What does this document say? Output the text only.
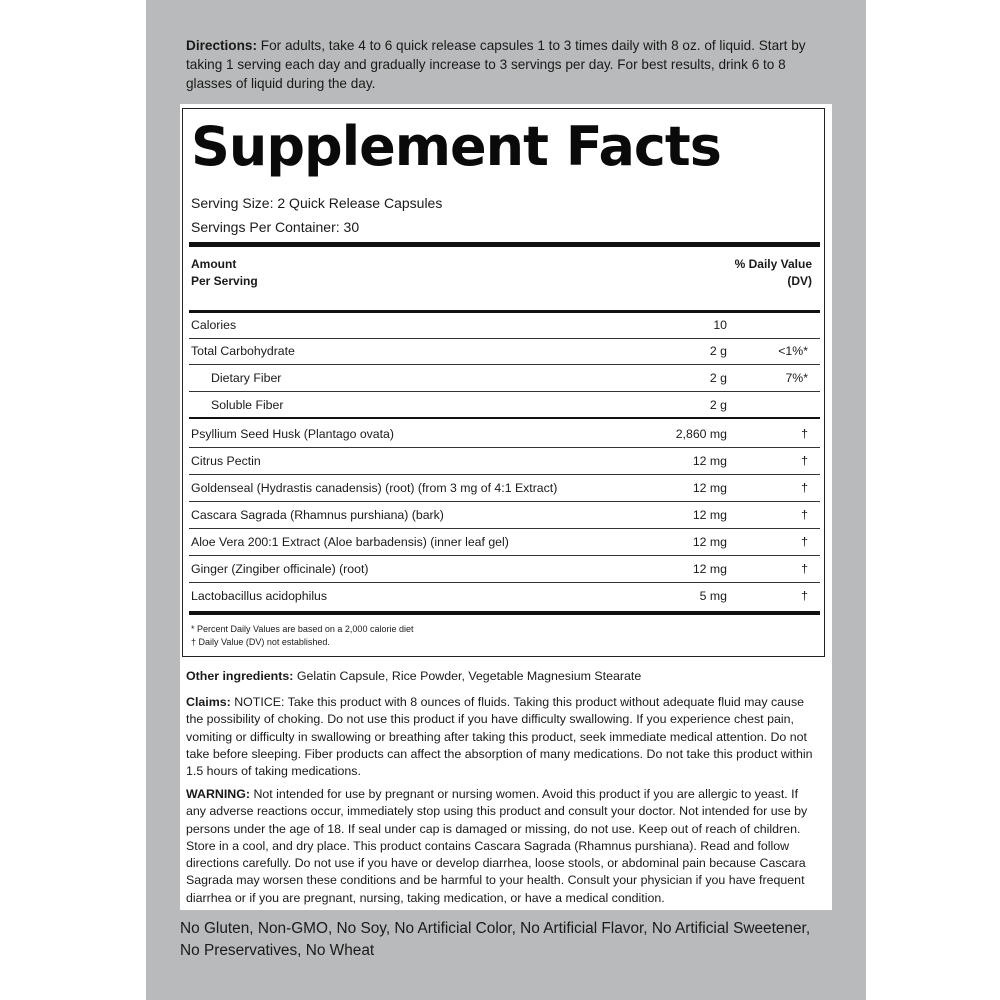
Directions: For adults, take 4 to 6 quick release capsules 1 to 3 times daily with 8 oz. of liquid. Start by taking 1 serving each day and gradually increase to 3 servings per day. For best results, drink 6 to 8 glasses of liquid during the day.
Supplement Facts
Serving Size: 2 Quick Release Capsules
Servings Per Container: 30
Amount
Per Serving
% Daily Value (DV)
Calories	10
Total Carbohydrate	2 g	<1%*
Dietary Fiber	2 g	7%*
Soluble Fiber	2 g
Psyllium Seed Husk (Plantago ovata)	2,860 mg	†
Citrus Pectin	12 mg	†
Goldenseal (Hydrastis canadensis) (root) (from 3 mg of 4:1 Extract)	12 mg	†
Cascara Sagrada (Rhamnus purshiana) (bark)	12 mg	†
Aloe Vera 200:1 Extract (Aloe barbadensis) (inner leaf gel)	12 mg	†
Ginger (Zingiber officinale) (root)	12 mg	†
Lactobacillus acidophilus	5 mg	†
* Percent Daily Values are based on a 2,000 calorie diet
† Daily Value (DV) not established.
Other ingredients: Gelatin Capsule, Rice Powder, Vegetable Magnesium Stearate
Claims: NOTICE: Take this product with 8 ounces of fluids. Taking this product without adequate fluid may cause the possibility of choking. Do not use this product if you have difficulty swallowing. If you experience chest pain, vomiting or difficulty in swallowing or breathing after taking this product, seek immediate medical attention. Do not take before sleeping. Fiber products can affect the absorption of many medications. Do not take this product within 1.5 hours of taking medications.
WARNING: Not intended for use by pregnant or nursing women. Avoid this product if you are allergic to yeast. If any adverse reactions occur, immediately stop using this product and consult your doctor. Not intended for use by persons under the age of 18. If seal under cap is damaged or missing, do not use. Keep out of reach of children. Store in a cool, and dry place. This product contains Cascara Sagrada (Rhamnus purshiana). Read and follow directions carefully. Do not use if you have or develop diarrhea, loose stools, or abdominal pain because Cascara Sagrada may worsen these conditions and be harmful to your health. Consult your physician if you have frequent diarrhea or if you are pregnant, nursing, taking medication, or have a medical condition.
No Gluten, Non-GMO, No Soy, No Artificial Color, No Artificial Flavor, No Artificial Sweetener, No Preservatives, No Wheat
